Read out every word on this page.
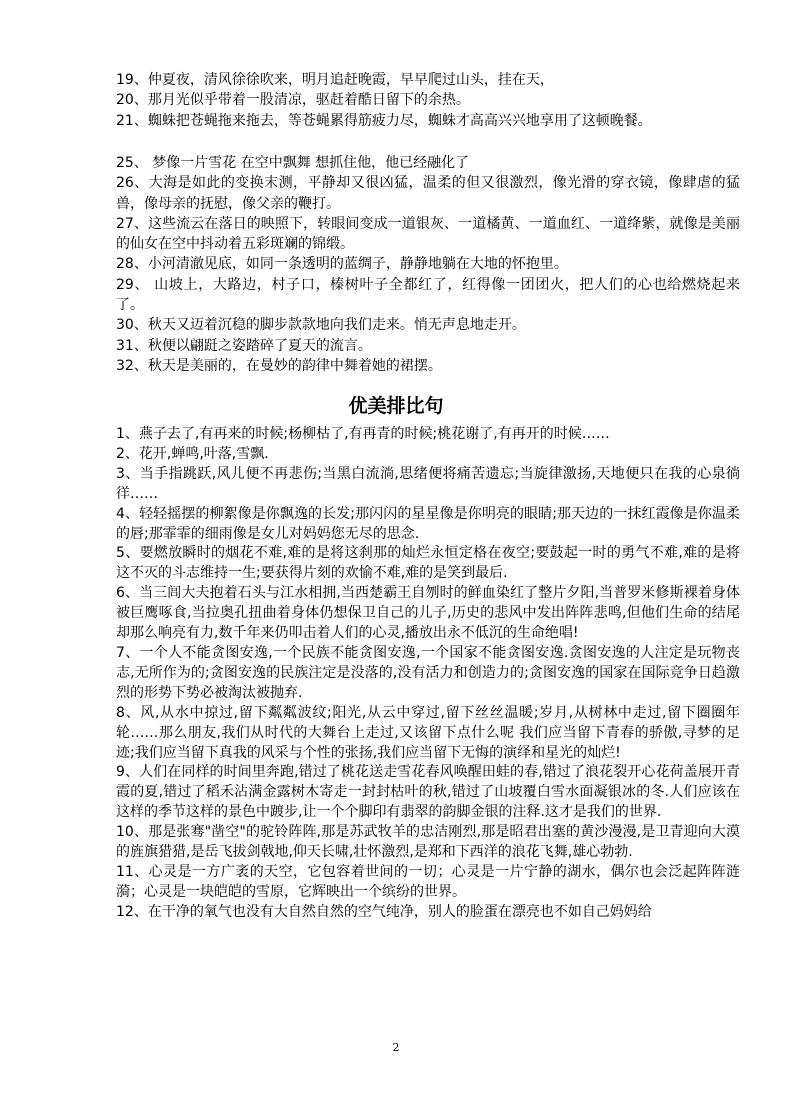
19、仲夏夜，清风徐徐吹来，明月追赶晚霞，早早爬过山头，挂在天，

20、那月光似乎带着一股清凉，驱赶着酷日留下的余热。

21、蜘蛛把苍蝇拖来拖去，等苍蝇累得筋疲力尽，蜘蛛才高高兴兴地享用了这顿晚餐。

25、 梦像一片雪花 在空中飘舞 想抓住他，他已经融化了

26、大海是如此的变换末测，平静却又很凶猛，温柔的但又很激烈，像光滑的穿衣镜，像肆虐的猛兽，像母亲的抚慰，像父亲的鞭打。

27、这些流云在落日的映照下，转眼间变成一道银灰、一道橘黄、一道血红、一道绛紫，就像是美丽的仙女在空中抖动着五彩斑斓的锦缎。

28、小河清澈见底，如同一条透明的蓝绸子，静静地躺在大地的怀抱里。

29、 山坡上，大路边，村子口，榛树叶子全都红了，红得像一团团火，把人们的心也给燃烧起来了。

30、秋天又迈着沉稳的脚步款款地向我们走来。悄无声息地走开。

31、秋便以翩跹之姿踏碎了夏天的流言。

32、秋天是美丽的，在曼妙的韵律中舞着她的裙摆。

优美排比句

1、燕子去了,有再来的时候;杨柳枯了,有再青的时候;桃花谢了,有再开的时候……

2、花开,蝉鸣,叶落,雪飘.

3、当手指跳跃,风儿便不再悲伤;当黑白流淌,思绪便将痛苦遗忘;当旋律激扬,天地便只在我的心泉徜徉……

4、轻轻摇摆的柳絮像是你飘逸的长发;那闪闪的星星像是你明亮的眼睛;那天边的一抹红霞像是你温柔的唇;那霏霏的细雨像是女儿对妈妈您无尽的思念.

5、要燃放瞬时的烟花不难,难的是将这刹那的灿烂永恒定格在夜空;要鼓起一时的勇气不难,难的是将这不灭的斗志维持一生;要获得片刻的欢愉不难,难的是笑到最后.

6、当三闾大夫抱着石头与江水相拥,当西楚霸王自刎时的鲜血染红了整片夕阳,当普罗米修斯裸着身体被巨鹰啄食,当拉奥孔扭曲着身体仍想保卫自己的儿子,历史的悲风中发出阵阵悲鸣,但他们生命的结尾却那么响亮有力,数千年来仍叩击着人们的心灵,播放出永不低沉的生命绝唱!

7、一个人不能贪图安逸,一个民族不能贪图安逸,一个国家不能贪图安逸.贪图安逸的人注定是玩物丧志,无所作为的;贪图安逸的民族注定是没落的,没有活力和创造力的;贪图安逸的国家在国际竞争日趋激烈的形势下势必被淘汰被抛弃.

8、风,从水中掠过,留下粼粼波纹;阳光,从云中穿过,留下丝丝温暖;岁月,从树林中走过,留下圈圈年轮……那么朋友,我们从时代的大舞台上走过,又该留下点什么呢 我们应当留下青春的骄傲,寻梦的足迹;我们应当留下真我的风采与个性的张扬,我们应当留下无悔的演绎和星光的灿烂!

9、人们在同样的时间里奔跑,错过了桃花送走雪花春风唤醒田蛙的春,错过了浪花裂开心花荷盖展开青霞的夏,错过了稻禾沾满金露树木寄走一封封枯叶的秋,错过了山坡覆白雪水面凝银冰的冬.人们应该在这样的季节这样的景色中踱步,让一个个脚印有翡翠的韵脚金银的注释.这才是我们的世界.

10、那是张骞"凿空"的驼铃阵阵,那是苏武牧羊的忠洁刚烈,那是昭君出塞的黄沙漫漫,是卫青迎向大漠的旌旗猎猎,是岳飞拔剑戟地,仰天长啸,壮怀激烈,是郑和下西洋的浪花飞舞,雄心勃勃.

11、心灵是一方广袤的天空，它包容着世间的一切；心灵是一片宁静的湖水，偶尔也会泛起阵阵涟漪；心灵是一块皑皑的雪原，它辉映出一个缤纷的世界。

12、在干净的氧气也没有大自然自然的空气纯净，别人的脸蛋在漂亮也不如自己妈妈给

2
